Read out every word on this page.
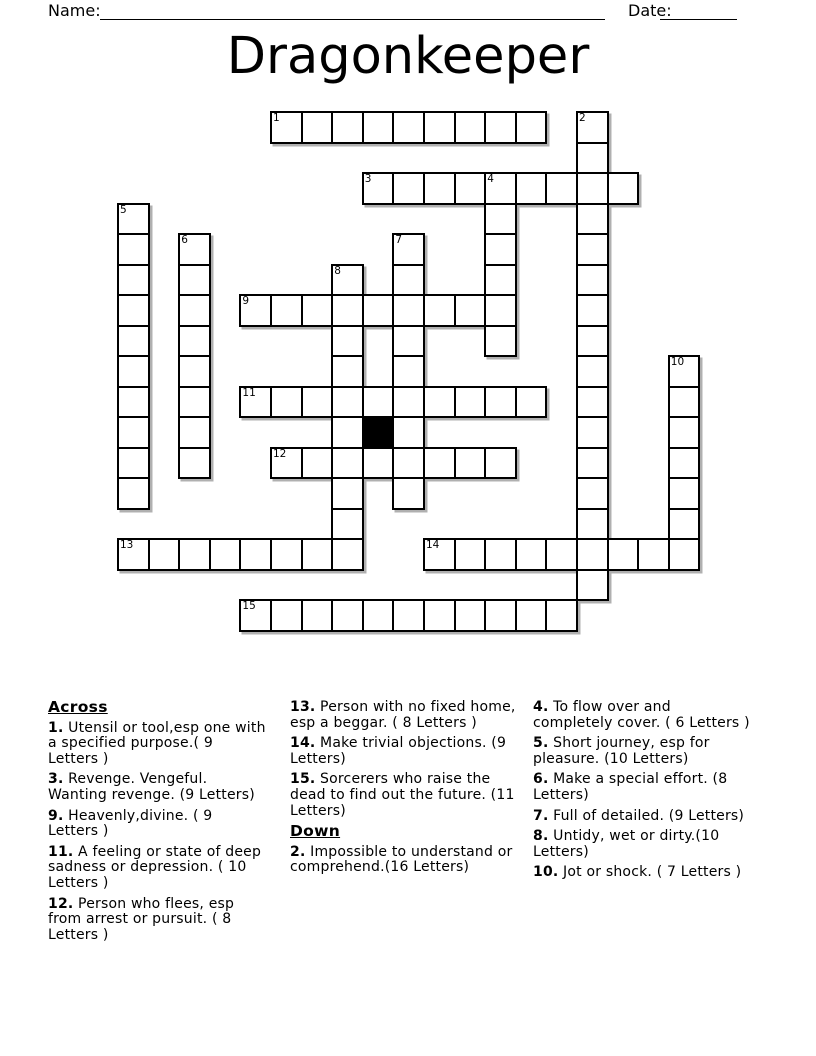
Name:	Date:
Dragonkeeper
1	2
3	4
5
6	7
8
9
10
11
12
13	14
15
Across
1. Utensil or tool,esp one with a specified purpose.( 9 Letters )
3. Revenge. Vengeful. Wanting revenge. (9 Letters)
9. Heavenly,divine. ( 9 Letters )
11. A feeling or state of deep sadness or depression. ( 10 Letters )
12. Person who flees, esp from arrest or pursuit. ( 8 Letters )
13. Person with no fixed home, esp a beggar. ( 8 Letters )
14. Make trivial objections. (9 Letters)
15. Sorcerers who raise the dead to find out the future. (11 Letters)
Down
2. Impossible to understand or comprehend.(16 Letters)
4. To flow over and completely cover. ( 6 Letters )
5. Short journey, esp for pleasure. (10 Letters)
6. Make a special effort. (8 Letters)
7. Full of detailed. (9 Letters)
8. Untidy, wet or dirty.(10 Letters)
10. Jot or shock. ( 7 Letters )
